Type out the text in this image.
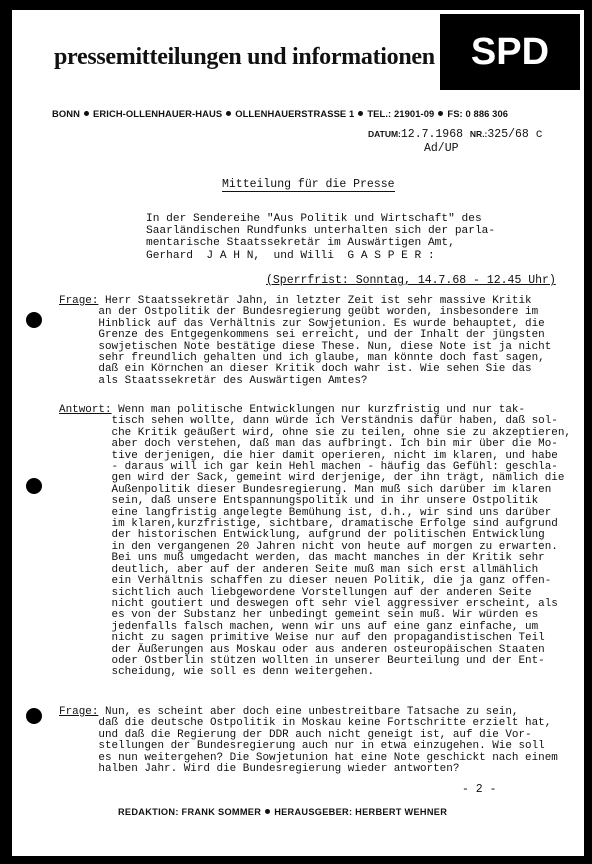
pressemitteilungen und informationen SPD
BONN ERICH-OLLENHAUER-HAUS OLLENHAUERSTRASSE 1 TEL.: 21901-09 FS: 0 886 306
DATUM:12.7.1968 NR.:325/68 c
Ad/UP
Mitteilung für die Presse
In der Sendereihe "Aus Politik und Wirtschaft" des
Saarländischen Rundfunks unterhalten sich der parla-
mentarische Staatssekretär im Auswärtigen Amt,
Gerhard  J A H N,  und Willi  G A S P E R :
(Sperrfrist: Sonntag, 14.7.68 - 12.45 Uhr)
Frage: Herr Staatssekretär Jahn, in letzter Zeit ist sehr massive Kritik
an der Ostpolitik der Bundesregierung geübt worden, insbesondere im
Hinblick auf das Verhältnis zur Sowjetunion. Es wurde behauptet, die
Grenze des Entgegenkommens sei erreicht, und der Inhalt der jüngsten
sowjetischen Note bestätige diese These. Nun, diese Note ist ja nicht
sehr freundlich gehalten und ich glaube, man könnte doch fast sagen,
daß ein Körnchen an dieser Kritik doch wahr ist. Wie sehen Sie das
als Staatssekretär des Auswärtigen Amtes?
Antwort: Wenn man politische Entwicklungen nur kurzfristig und nur tak-
tisch sehen wollte, dann würde ich Verständnis dafür haben, daß sol-
che Kritik geäußert wird, ohne sie zu teilen, ohne sie zu akzeptieren,
aber doch verstehen, daß man das aufbringt. Ich bin mir über die Mo-
tive derjenigen, die hier damit operieren, nicht im klaren, und habe
- daraus will ich gar kein Hehl machen - häufig das Gefühl: geschla-
gen wird der Sack, gemeint wird derjenige, der ihn trägt, nämlich die
Außenpolitik dieser Bundesregierung. Man muß sich darüber im klaren
sein, daß unsere Entspannungspolitik und in ihr unsere Ostpolitik
eine langfristig angelegte Bemühung ist, d.h., wir sind uns darüber
im klaren,kurzfristige, sichtbare, dramatische Erfolge sind aufgrund
der historischen Entwicklung, aufgrund der politischen Entwicklung
in den vergangenen 20 Jahren nicht von heute auf morgen zu erwarten.
Bei uns muß umgedacht werden, das macht manches in der Kritik sehr
deutlich, aber auf der anderen Seite muß man sich erst allmählich
ein Verhältnis schaffen zu dieser neuen Politik, die ja ganz offen-
sichtlich auch liebgewordene Vorstellungen auf der anderen Seite
nicht goutiert und deswegen oft sehr viel aggressiver erscheint, als
es von der Substanz her unbedingt gemeint sein muß. Wir würden es
jedenfalls falsch machen, wenn wir uns auf eine ganz einfache, um
nicht zu sagen primitive Weise nur auf den propagandistischen Teil
der Äußerungen aus Moskau oder aus anderen osteuropäischen Staaten
oder Ostberlin stützen wollten in unserer Beurteilung und der Ent-
scheidung, wie soll es denn weitergehen.
Frage: Nun, es scheint aber doch eine unbestreitbare Tatsache zu sein,
daß die deutsche Ostpolitik in Moskau keine Fortschritte erzielt hat,
und daß die Regierung der DDR auch nicht geneigt ist, auf die Vor-
stellungen der Bundesregierung auch nur in etwa einzugehen. Wie soll
es nun weitergehen? Die Sowjetunion hat eine Note geschickt nach einem
halben Jahr. Wird die Bundesregierung wieder antworten?
- 2 -
REDAKTION: FRANK SOMMER HERAUSGEBER: HERBERT WEHNER
